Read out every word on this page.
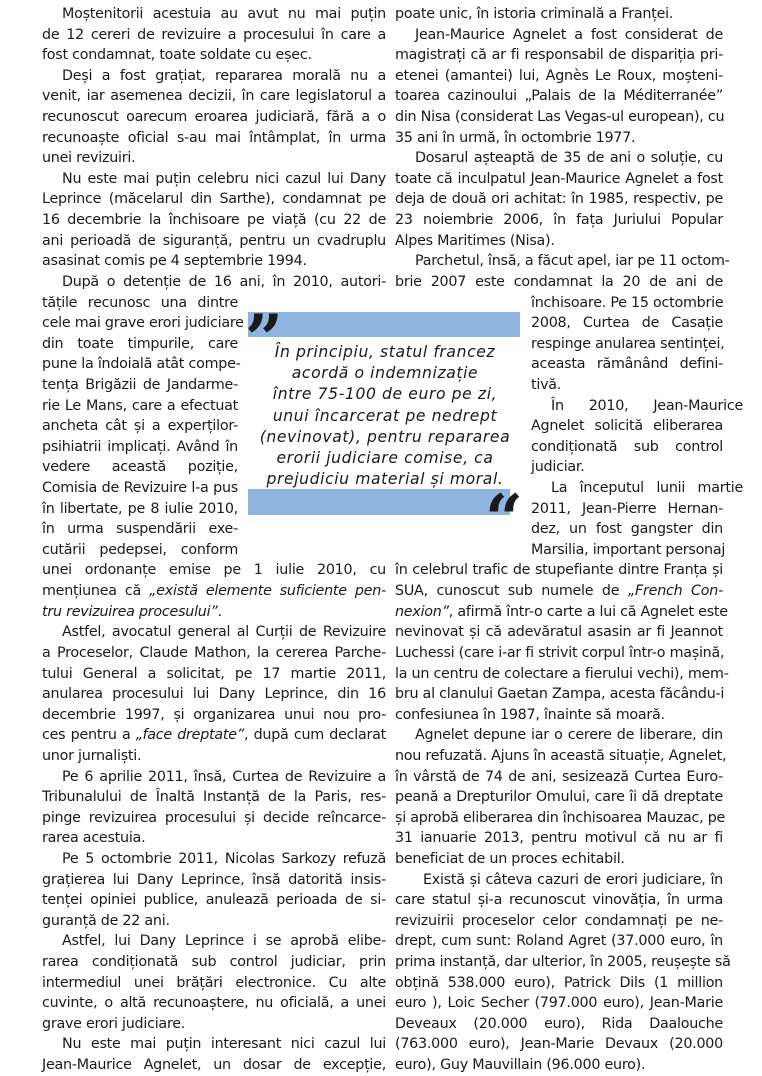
Moștenitorii acestuia au avut nu mai puțin
de 12 cereri de revizuire a procesului în care a
fost condamnat, toate soldate cu eșec.
Deși a fost grațiat, repararea morală nu a
venit, iar asemenea decizii, în care legislatorul a
recunoscut oarecum eroarea judiciară, fără a o
recunoaște oficial s-au mai întâmplat, în urma
unei revizuiri.
Nu este mai puțin celebru nici cazul lui Dany
Leprince (măcelarul din Sarthe), condamnat pe
16 decembrie la închisoare pe viață (cu 22 de
ani perioadă de siguranță, pentru un cvadruplu
asasinat comis pe 4 septembrie 1994.
După o detenție de 16 ani, în 2010, autori-
tățile recunosc una dintre
cele mai grave erori judiciare
din toate timpurile, care
pune la îndoială atât compe-
tența Brigăzii de Jandarme-
rie Le Mans, care a efectuat
ancheta cât și a experților-
psihiatrii implicați. Având în
vedere această poziție,
Comisia de Revizuire l-a pus
în libertate, pe 8 iulie 2010,
în urma suspendării exe-
cutării pedepsei, conform
unei ordonanțe emise pe 1 iulie 2010, cu
mențiunea că „există elemente suficiente pen-
tru revizuirea procesului”.
Astfel, avocatul general al Curții de Revizuire
a Proceselor, Claude Mathon, la cererea Parche-
tului General a solicitat, pe 17 martie 2011,
anularea procesului lui Dany Leprince, din 16
decembrie 1997, și organizarea unui nou pro-
ces pentru a „face dreptate”, după cum declarat
unor jurnaliști.
Pe 6 aprilie 2011, însă, Curtea de Revizuire a
Tribunalului de Înaltă Instanță de la Paris, res-
pinge revizuirea procesului și decide reîncarce-
rarea acestuia.
Pe 5 octombrie 2011, Nicolas Sarkozy refuză
grațierea lui Dany Leprince, însă datorită insis-
tenței opiniei publice, anulează perioada de si-
guranță de 22 ani.
Astfel, lui Dany Leprince i se aprobă elibe-
rarea condiționată sub control judiciar, prin
intermediul unei brățări electronice. Cu alte
cuvinte, o altă recunoaștere, nu oficială, a unei
grave erori judiciare.
Nu este mai puțin interesant nici cazul lui
Jean-Maurice Agnelet, un dosar de excepție,
poate unic, în istoria criminală a Franței.
Jean-Maurice Agnelet a fost considerat de
magistrați că ar fi responsabil de dispariția pri-
etenei (amantei) lui, Agnès Le Roux, moșteni-
toarea cazinoului „Palais de la Méditerranée”
din Nisa (considerat Las Vegas-ul european), cu
35 ani în urmă, în octombrie 1977.
Dosarul așteaptă de 35 de ani o soluție, cu
toate că inculpatul Jean-Maurice Agnelet a fost
deja de două ori achitat: în 1985, respectiv, pe
23 noiembrie 2006, în fața Juriului Popular
Alpes Maritimes (Nisa).
Parchetul, însă, a făcut apel, iar pe 11 octom-
brie 2007 este condamnat la 20 de ani de
închisoare. Pe 15 octombrie
2008, Curtea de Casație
respinge anularea sentinței,
aceasta rămânând defini-
tivă.
În 2010, Jean-Maurice
Agnelet solicită eliberarea
condiționată sub control
judiciar.
La începutul lunii martie
2011, Jean-Pierre Hernan-
dez, un fost gangster din
Marsilia, important personaj
în celebrul trafic de stupefiante dintre Franța și
SUA, cunoscut sub numele de „French Con-
nexion”, afirmă într-o carte a lui că Agnelet este
nevinovat și că adevăratul asasin ar fi Jeannot
Luchessi (care i-ar fi strivit corpul într-o mașină,
la un centru de colectare a fierului vechi), mem-
bru al clanului Gaetan Zampa, acesta făcându-i
confesiunea în 1987, înainte să moară.
Agnelet depune iar o cerere de liberare, din
nou refuzată. Ajuns în această situație, Agnelet,
în vârstă de 74 de ani, sesizează Curtea Euro-
peană a Drepturilor Omului, care îi dă dreptate
și aprobă eliberarea din închisoarea Mauzac, pe
31 ianuarie 2013, pentru motivul că nu ar fi
beneficiat de un proces echitabil.
Există și câteva cazuri de erori judiciare, în
care statul și-a recunoscut vinovăția, în urma
revizuirii proceselor celor condamnați pe ne-
drept, cum sunt: Roland Agret (37.000 euro, în
prima instanță, dar ulterior, în 2005, reușește să
obțină 538.000 euro), Patrick Dils (1 million
euro ), Loic Secher (797.000 euro), Jean-Marie
Deveaux (20.000 euro), Rida Daalouche
(763.000 euro), Jean-Marie Devaux (20.000
euro), Guy Mauvillain (96.000 euro).
”
“
În principiu, statul francez
acordă o indemnizație
între 75-100 de euro pe zi,
unui încarcerat pe nedrept
(nevinovat), pentru repararea
erorii judiciare comise, ca
prejudiciu material și moral.
